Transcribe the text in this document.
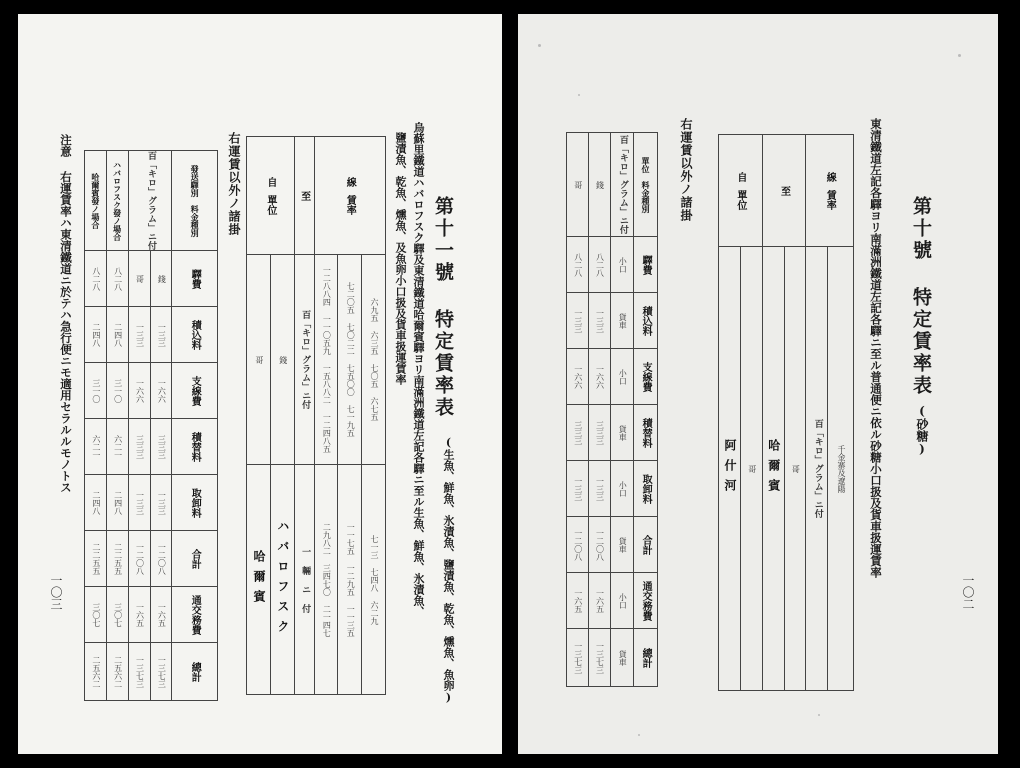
第十一號 特定賃率表
(生魚、鮮魚、氷漬魚、鹽漬魚、乾魚、燻魚、魚卵)
烏蘇里鐵道ハバロフスク驛及東清鐵道哈爾賓驛ヨリ南滿洲鐵道左記各驛ニ至ル生魚、鮮魚、氷漬魚、
鹽漬魚、乾魚、燻魚、及魚卵小口扱及貨車扱運賃率
自 單位		至	線 賃率		
哥	錢	百「キロ」グラム」ニ付	一二八八四 一一〇五九 一五八八二 一二四八五	七二〇五 七〇二二 七五〇〇 七一九五	六九五 六三五 七〇五 六七五
哈爾賓	ハバロフスク	一 輛 ニ 付	二九八二 三四七〇 二一四七	一一七五 一二九五 一一三五	七一三 七四八 六二九
右運賃以外ノ諸掛
哈爾賓發ノ場合	ハバロフスク發ノ場合	百「キロ」グラム」ニ付		發送驛別 料金種別
八二八	八二八	哥	錢	驛費
二四八	二四八	一三三	一三三	積込料
三一〇	三一〇	一六六	一六六	支線費
六二一	六二一	三三三	三三三	積替料
二四八	二四八	一三三	一三三	取卸料
二二五五	二二五五	一二〇八	一二〇八	合計
三〇七	三〇七	一六五	一六五	通交務費
二五六二	二五六二	一三七三	一三七三	總計
注意 右運賃率ハ東清鐵道ニ於テハ急行便ニモ適用セラルルモノトス
一〇三
第十號 特定賃率表
(砂糖)
東清鐵道左記各驛ヨリ南滿洲鐵道左記各驛ニ至ル普通便ニ依ル砂糖小口扱及貨車扱運賃率
自 單位		至		線 賃率	
阿什河	哥	哈爾賓	哥	百「キロ」グラム」ニ付	千金寨及遼陽
右運賃以外ノ諸掛
哥	錢	百「キロ」グラム」ニ付	單位 料金種別
八二八	八二八	小口	驛費
一三三	一三三	貨車	積込料
一六六	一六六	小口	支線費
三三三	三三三	貨車	積替料
一三三	一三三	小口	取卸料
一二〇八	一二〇八	貨車	合計
一六五	一六五	小口	通交務費
一三七三	一三七三	貨車	總計
一〇二
